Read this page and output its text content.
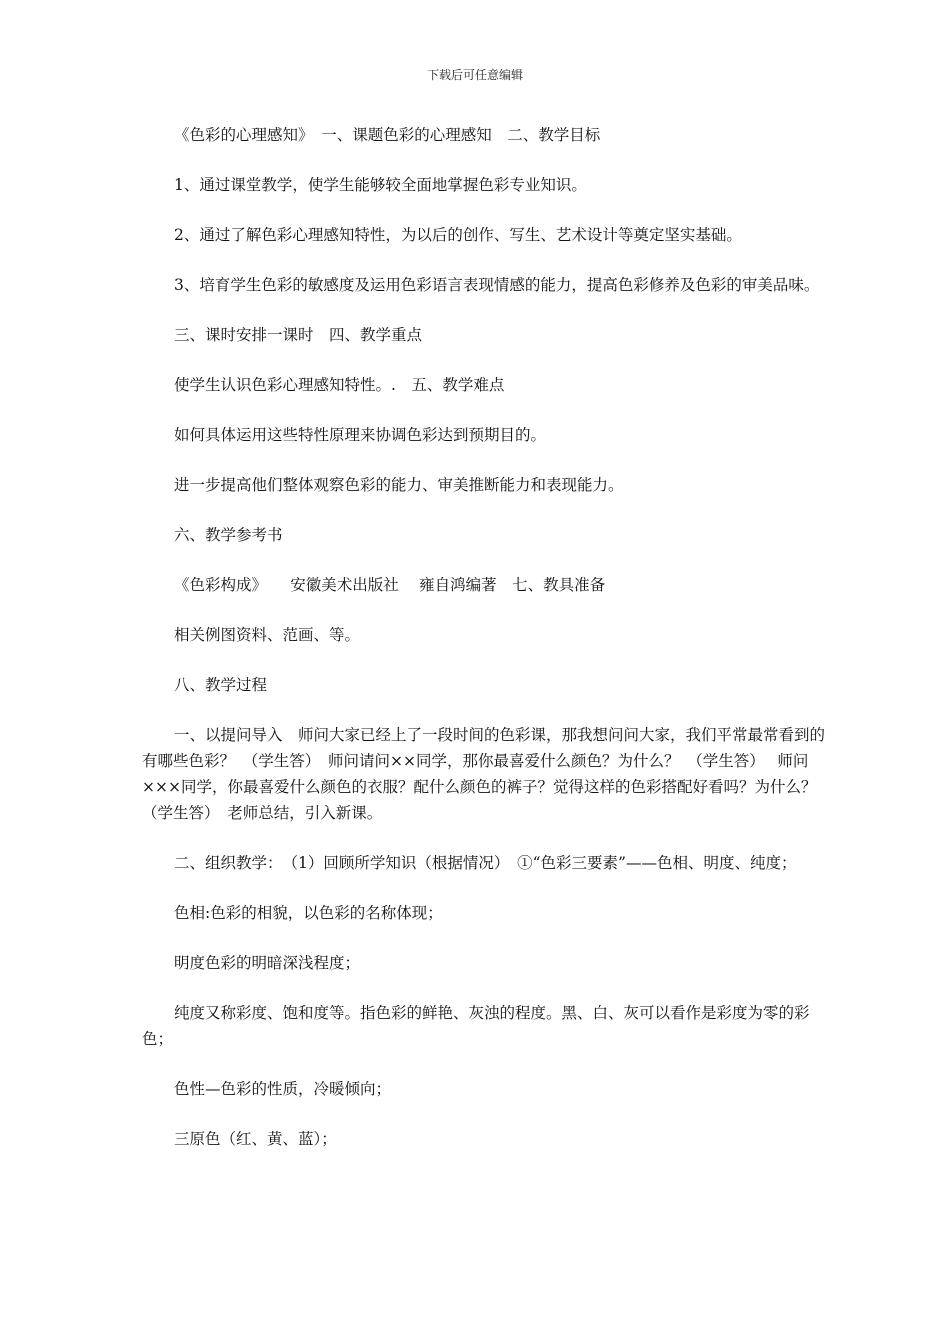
下载后可任意编辑

《色彩的心理感知》　一、课题色彩的心理感知　二、教学目标

1、通过课堂教学，使学生能够较全面地掌握色彩专业知识。

2、通过了解色彩心理感知特性，为以后的创作、写生、艺术设计等奠定坚实基础。

3、培育学生色彩的敏感度及运用色彩语言表现情感的能力，提高色彩修养及色彩的审美品味。

三、课时安排一课时　四、教学重点

使学生认识色彩心理感知特性。.　五、教学难点

如何具体运用这些特性原理来协调色彩达到预期目的。

进一步提高他们整体观察色彩的能力、审美推断能力和表现能力。

六、教学参考书

《色彩构成》　　安徽美术出版社　 雍自鸿编著　七、教具准备

相关例图资料、范画、等。

八、教学过程

一、以提问导入　师问大家已经上了一段时间的色彩课，那我想问问大家，我们平常最常看到的有哪些色彩？　（学生答）　师问请问××同学，那你最喜爱什么颜色？为什么？　（学生答）　 师问×××同学，你最喜爱什么颜色的衣服？配什么颜色的裤子？觉得这样的色彩搭配好看吗？为什么？　（学生答）　老师总结，引入新课。

二、组织教学：　（1）回顾所学知识（根据情况）　①“色彩三要素”——色相、明度、纯度；

色相:色彩的相貌，以色彩的名称体现；

明度色彩的明暗深浅程度；

纯度又称彩度、饱和度等。指色彩的鲜艳、灰浊的程度。黑、白、灰可以看作是彩度为零的彩色；

色性—色彩的性质，冷暖倾向；

三原色（红、黄、蓝）；
